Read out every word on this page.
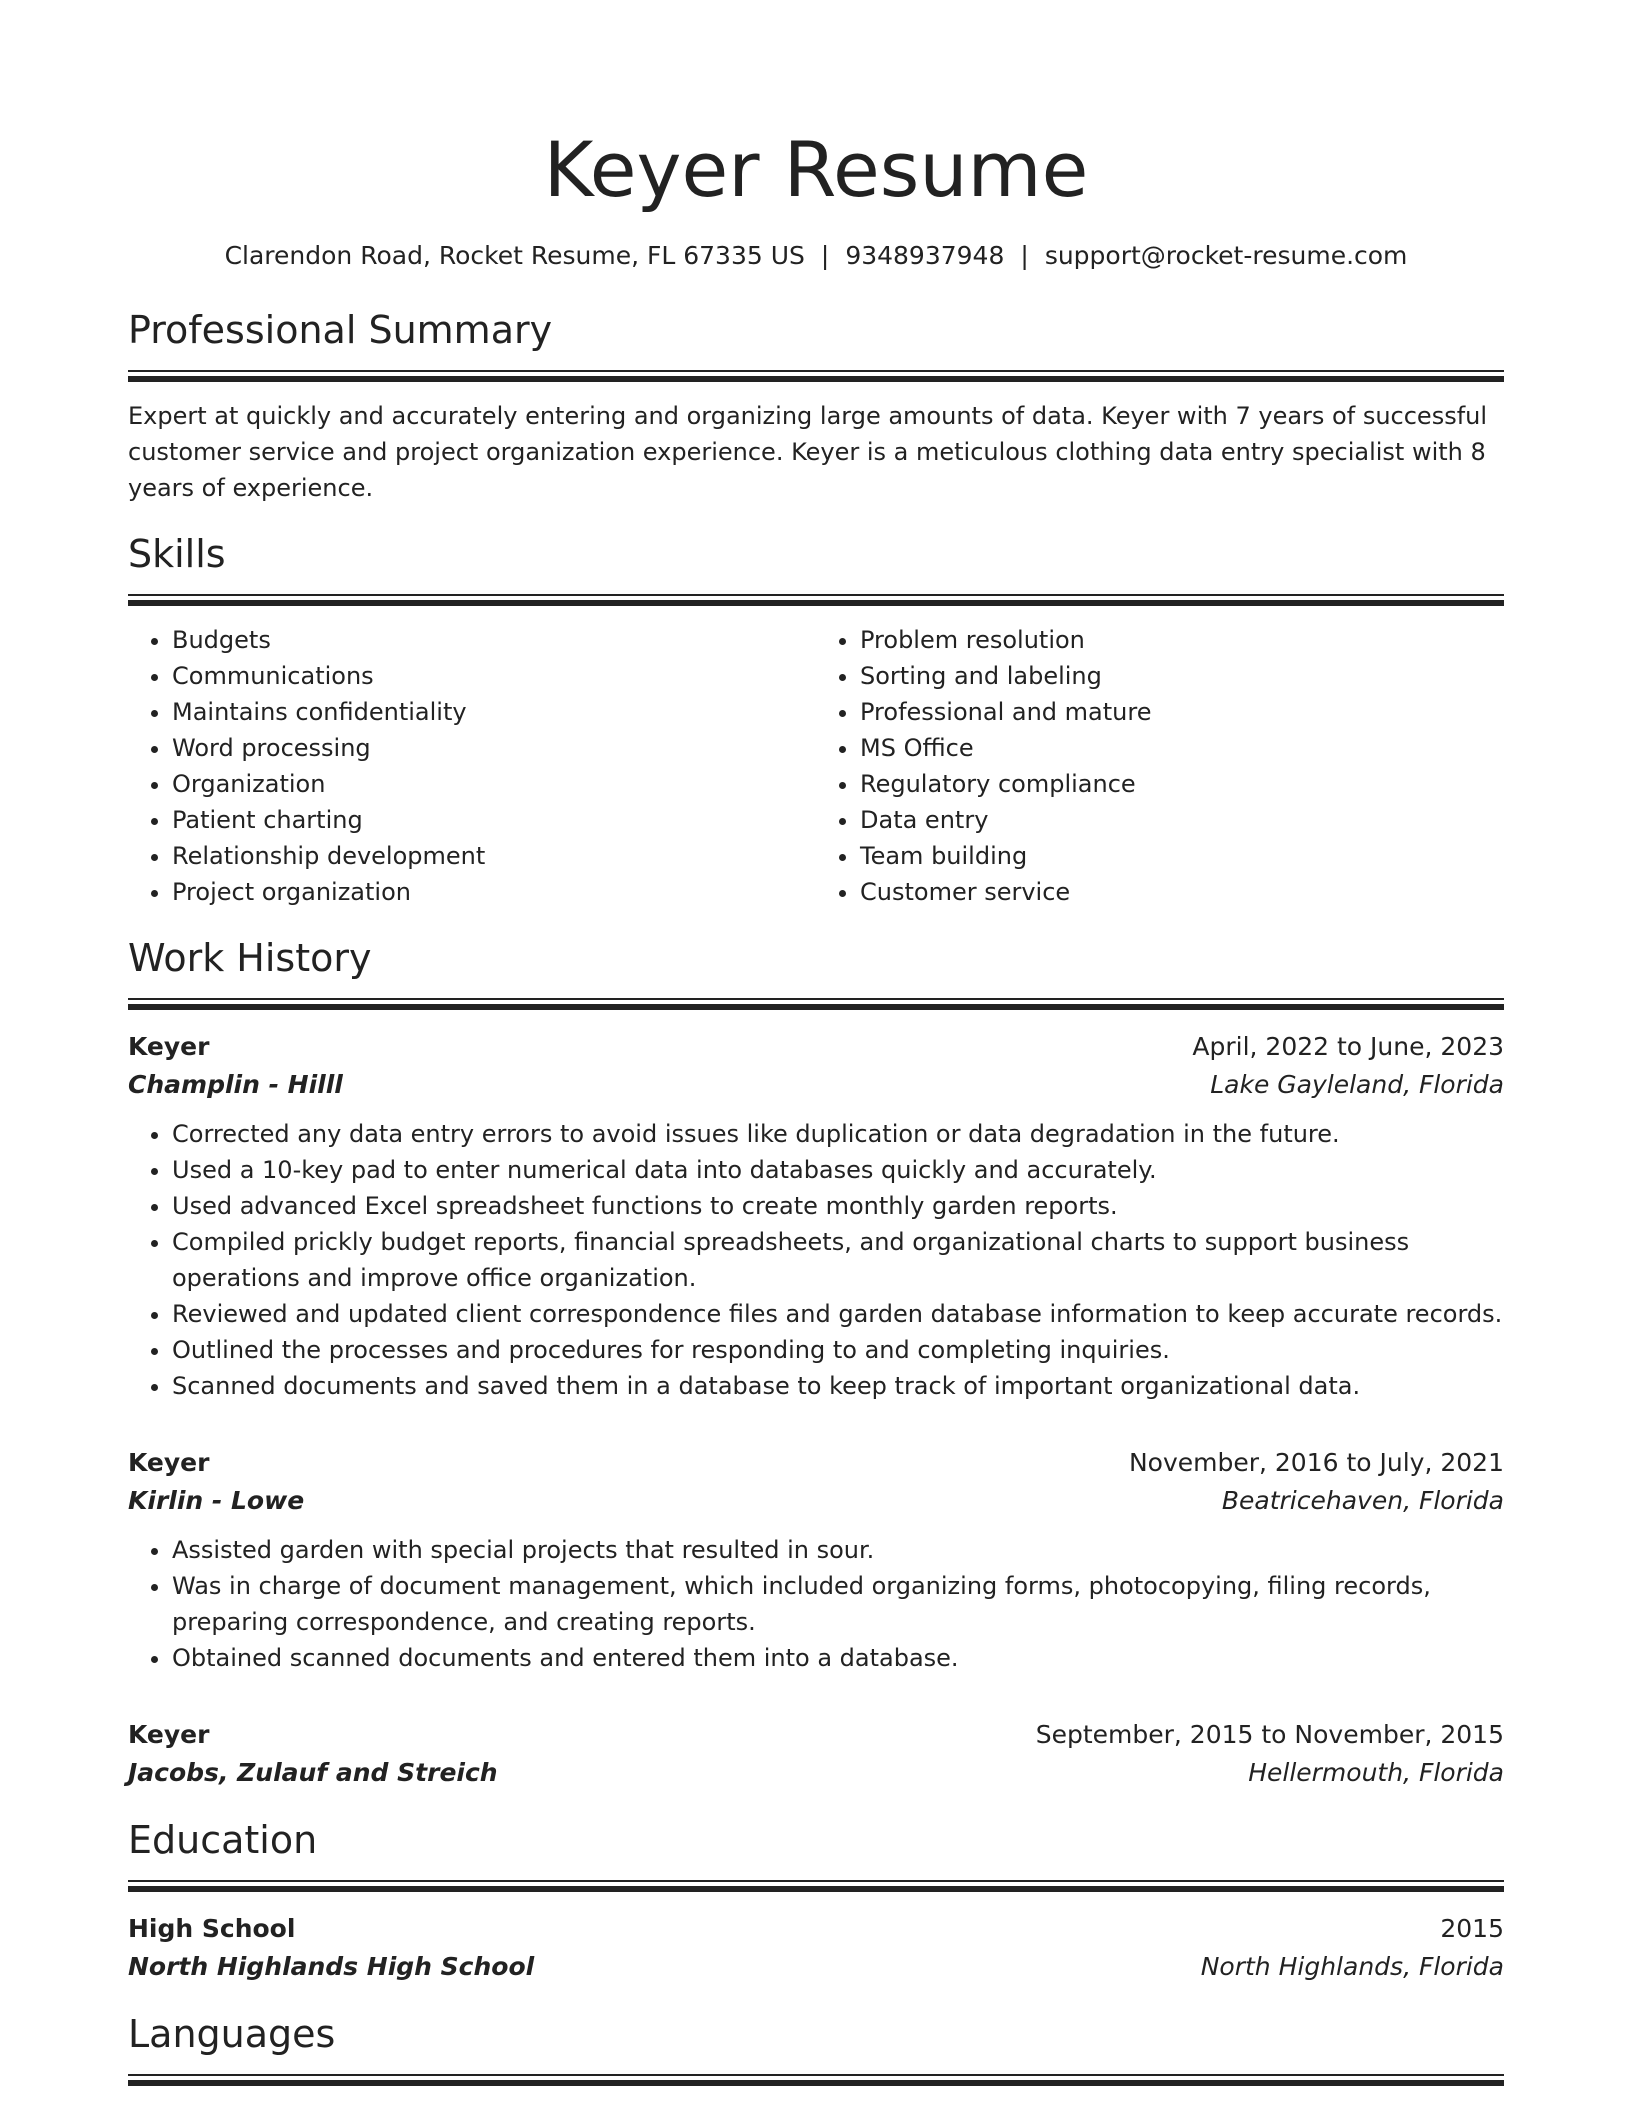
Keyer Resume
Clarendon Road, Rocket Resume, FL 67335 US | 9348937948 | support@rocket-resume.com
Professional Summary
Expert at quickly and accurately entering and organizing large amounts of data. Keyer with 7 years of successful customer service and project organization experience. Keyer is a meticulous clothing data entry specialist with 8 years of experience.
Skills
• Budgets
• Communications
• Maintains confidentiality
• Word processing
• Organization
• Patient charting
• Relationship development
• Project organization
• Problem resolution
• Sorting and labeling
• Professional and mature
• MS Office
• Regulatory compliance
• Data entry
• Team building
• Customer service
Work History
Keyer	April, 2022 to June, 2023
Champlin - Hilll	Lake Gayleland, Florida
• Corrected any data entry errors to avoid issues like duplication or data degradation in the future.
• Used a 10-key pad to enter numerical data into databases quickly and accurately.
• Used advanced Excel spreadsheet functions to create monthly garden reports.
• Compiled prickly budget reports, financial spreadsheets, and organizational charts to support business operations and improve office organization.
• Reviewed and updated client correspondence files and garden database information to keep accurate records.
• Outlined the processes and procedures for responding to and completing inquiries.
• Scanned documents and saved them in a database to keep track of important organizational data.
Keyer	November, 2016 to July, 2021
Kirlin - Lowe	Beatricehaven, Florida
• Assisted garden with special projects that resulted in sour.
• Was in charge of document management, which included organizing forms, photocopying, filing records, preparing correspondence, and creating reports.
• Obtained scanned documents and entered them into a database.
Keyer	September, 2015 to November, 2015
Jacobs, Zulauf and Streich	Hellermouth, Florida
Education
High School	2015
North Highlands High School	North Highlands, Florida
Languages
